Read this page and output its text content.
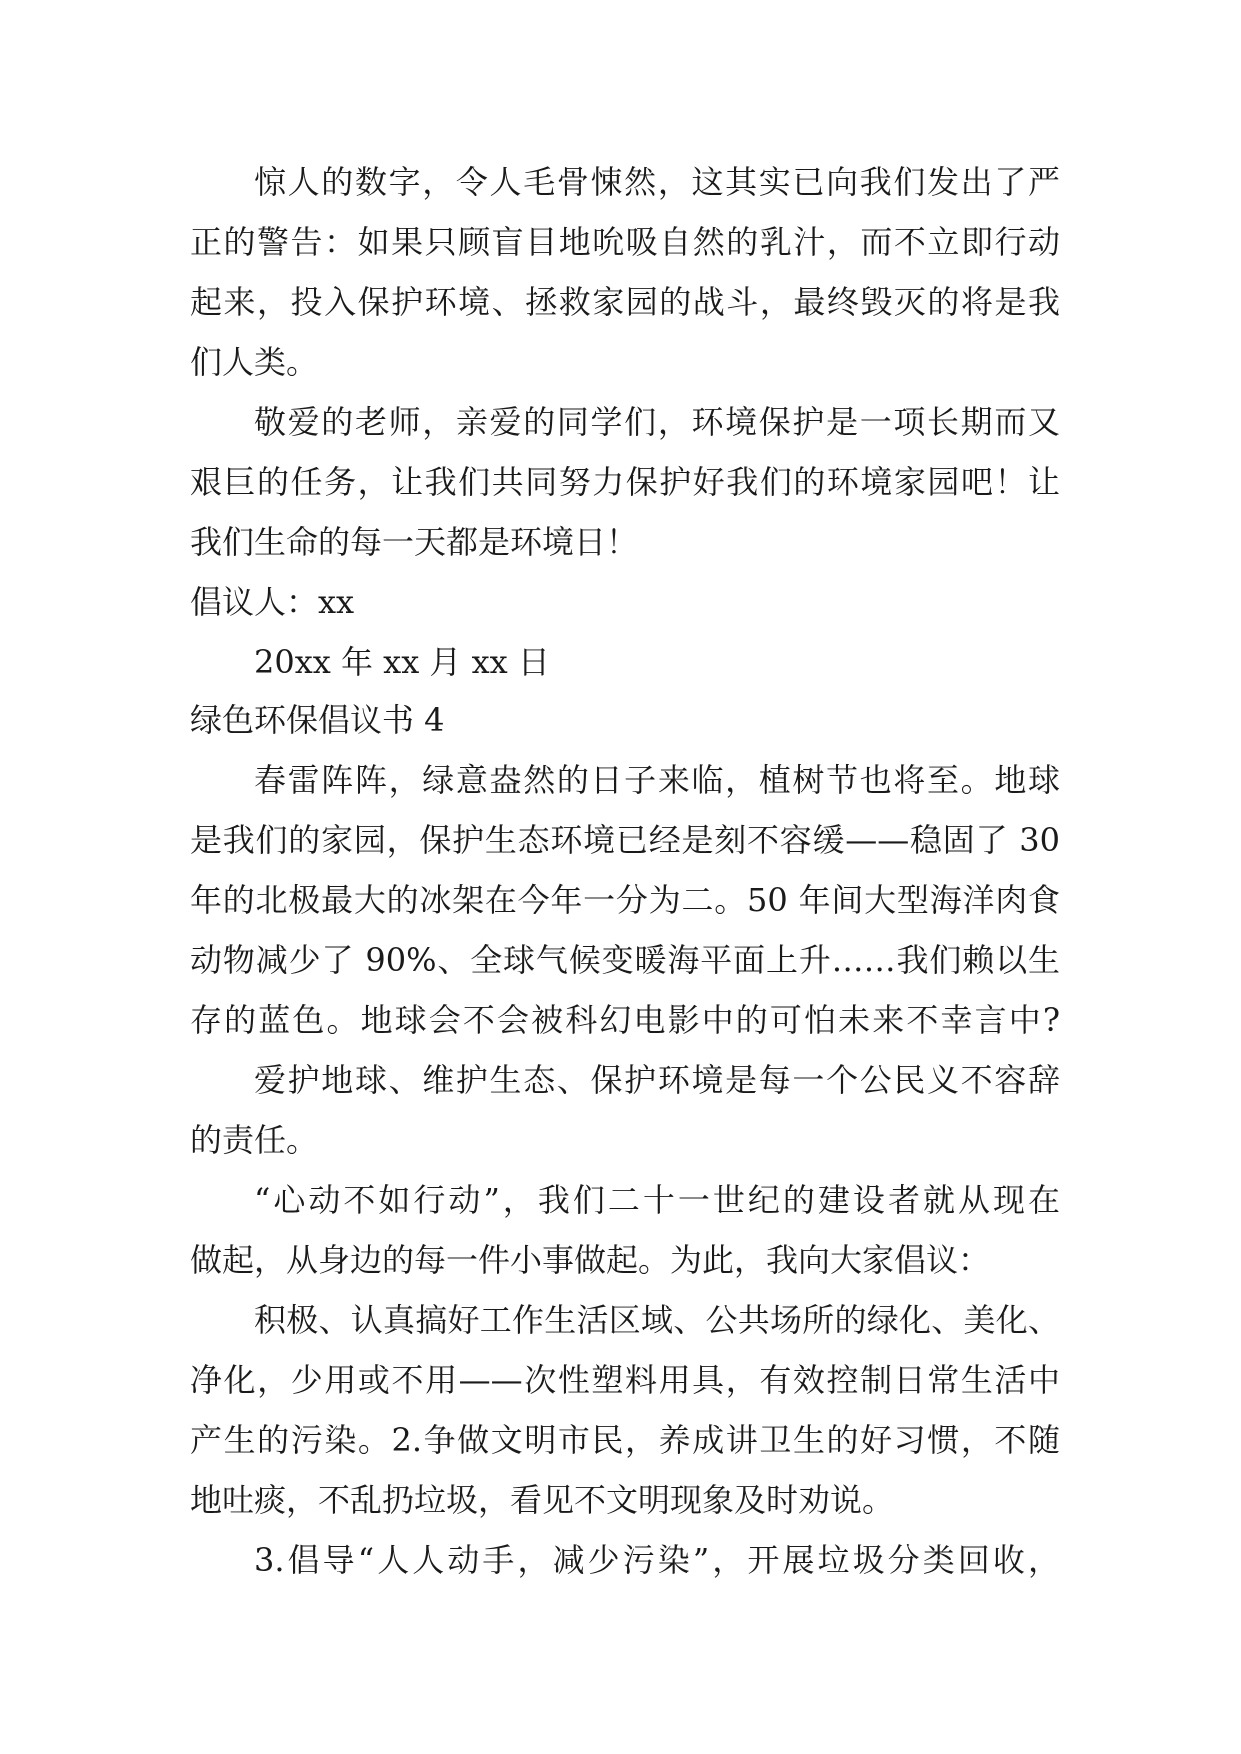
惊人的数字，令人毛骨悚然，这其实已向我们发出了严
正的警告：如果只顾盲目地吮吸自然的乳汁，而不立即行动
起来，投入保护环境、拯救家园的战斗，最终毁灭的将是我
们人类。
敬爱的老师，亲爱的同学们，环境保护是一项长期而又
艰巨的任务，让我们共同努力保护好我们的环境家园吧！让
我们生命的每一天都是环境日！
倡议人：xx
20xx 年 xx 月 xx 日
绿色环保倡议书 4
春雷阵阵，绿意盎然的日子来临，植树节也将至。地球
是我们的家园，保护生态环境已经是刻不容缓——稳固了 30
年的北极最大的冰架在今年一分为二。50 年间大型海洋肉食
动物减少了 90%、全球气候变暖海平面上升……我们赖以生
存的蓝色。地球会不会被科幻电影中的可怕未来不幸言中?
爱护地球、维护生态、保护环境是每一个公民义不容辞
的责任。
“心动不如行动”，我们二十一世纪的建设者就从现在
做起，从身边的每一件小事做起。为此，我向大家倡议：
积极、认真搞好工作生活区域、公共场所的绿化、美化、
净化，少用或不用——次性塑料用具，有效控制日常生活中
产生的污染。2.争做文明市民，养成讲卫生的好习惯，不随
地吐痰，不乱扔垃圾，看见不文明现象及时劝说。
3.倡导“人人动手，减少污染”，开展垃圾分类回收，
